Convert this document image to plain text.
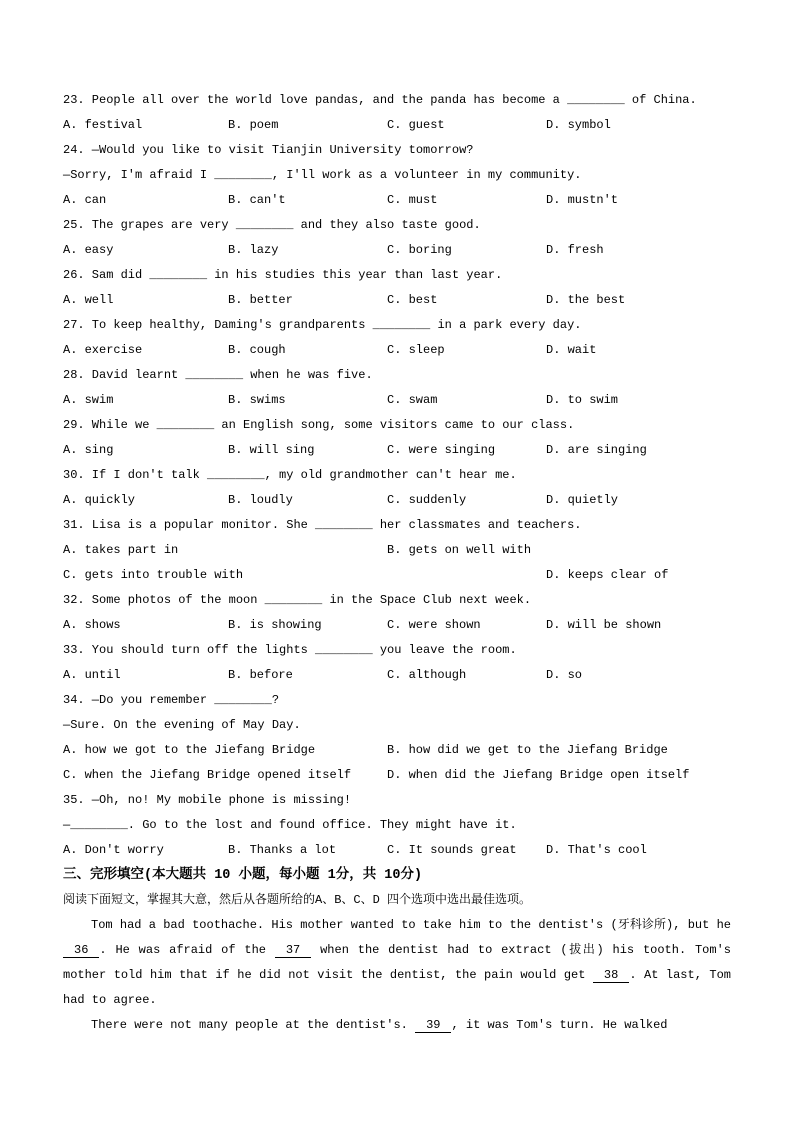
23. People all over the world love pandas, and the panda has become a ________ of China.
A. festival	B. poem	C. guest	D. symbol
24. —Would you like to visit Tianjin University tomorrow?
—Sorry, I'm afraid I ________, I'll work as a volunteer in my community.
A. can	B. can't	C. must	D. mustn't
25. The grapes are very ________ and they also taste good.
A. easy	B. lazy	C. boring	D. fresh
26. Sam did ________ in his studies this year than last year.
A. well	B. better	C. best	D. the best
27. To keep healthy, Daming's grandparents ________ in a park every day.
A. exercise	B. cough	C. sleep	D. wait
28. David learnt ________ when he was five.
A. swim	B. swims	C. swam	D. to swim
29. While we ________ an English song, some visitors came to our class.
A. sing	B. will sing	C. were singing	D. are singing
30. If I don't talk ________, my old grandmother can't hear me.
A. quickly	B. loudly	C. suddenly	D. quietly
31. Lisa is a popular monitor. She ________ her classmates and teachers.
A. takes part in	B. gets on well with
C. gets into trouble with	D. keeps clear of
32. Some photos of the moon ________ in the Space Club next week.
A. shows	B. is showing	C. were shown	D. will be shown
33. You should turn off the lights ________ you leave the room.
A. until	B. before	C. although	D. so
34. —Do you remember ________?
—Sure. On the evening of May Day.
A. how we got to the Jiefang Bridge	B. how did we get to the Jiefang Bridge
C. when the Jiefang Bridge opened itself	D. when did the Jiefang Bridge open itself
35. —Oh, no! My mobile phone is missing!
—________. Go to the lost and found office. They might have it.
A. Don't worry	B. Thanks a lot	C. It sounds great	D. That's cool
三、完形填空(本大题共 10 小题，每小题 1分，共 10分)
阅读下面短文，掌握其大意，然后从各题所给的A、B、C、D 四个选项中选出最佳选项。
Tom had a bad toothache. His mother wanted to take him to the dentist's (牙科诊所), but he 36 . He was afraid of the 37 when the dentist had to extract (拔出) his tooth. Tom's mother told him that if he did not visit the dentist, the pain would get 38 . At last, Tom had to agree.
There were not many people at the dentist's. 39 , it was Tom's turn. He walked
